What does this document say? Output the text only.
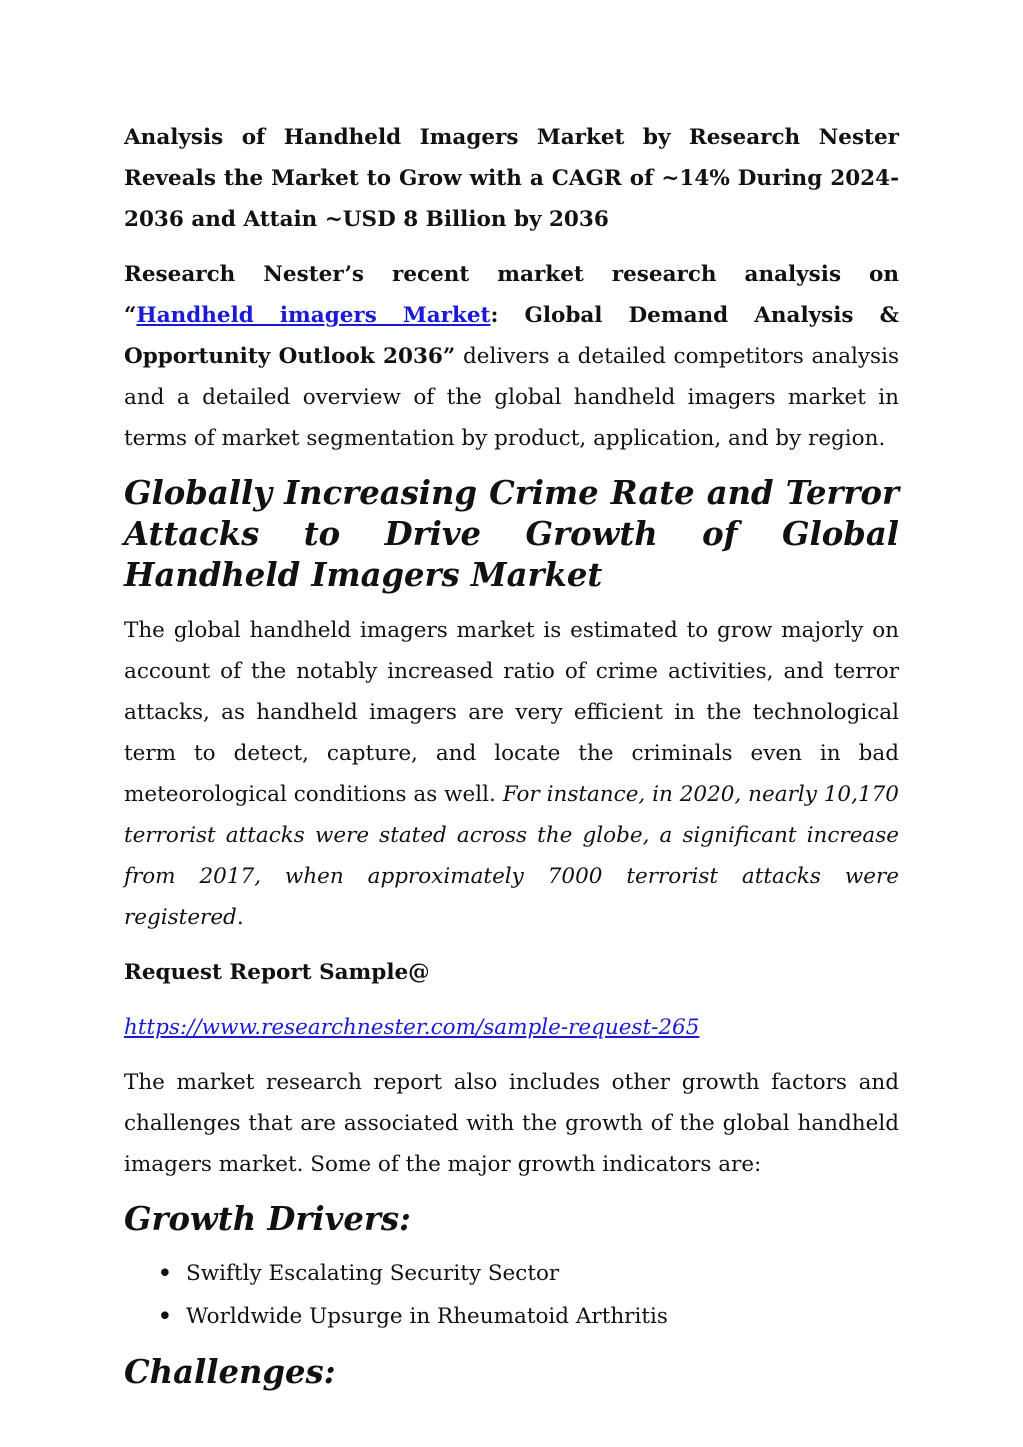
Analysis of Handheld Imagers Market by Research Nester Reveals the Market to Grow with a CAGR of ~14% During 2024-2036 and Attain ~USD 8 Billion by 2036

Research Nester’s recent market research analysis on “Handheld imagers Market: Global Demand Analysis & Opportunity Outlook 2036” delivers a detailed competitors analysis and a detailed overview of the global handheld imagers market in terms of market segmentation by product, application, and by region.

Globally Increasing Crime Rate and Terror Attacks to Drive Growth of Global Handheld Imagers Market

The global handheld imagers market is estimated to grow majorly on account of the notably increased ratio of crime activities, and terror attacks, as handheld imagers are very efficient in the technological term to detect, capture, and locate the criminals even in bad meteorological conditions as well. For instance, in 2020, nearly 10,170 terrorist attacks were stated across the globe, a significant increase from 2017, when approximately 7000 terrorist attacks were registered.

Request Report Sample@

https://www.researchnester.com/sample-request-265

The market research report also includes other growth factors and challenges that are associated with the growth of the global handheld imagers market. Some of the major growth indicators are:

Growth Drivers:
• Swiftly Escalating Security Sector
• Worldwide Upsurge in Rheumatoid Arthritis
Challenges:
